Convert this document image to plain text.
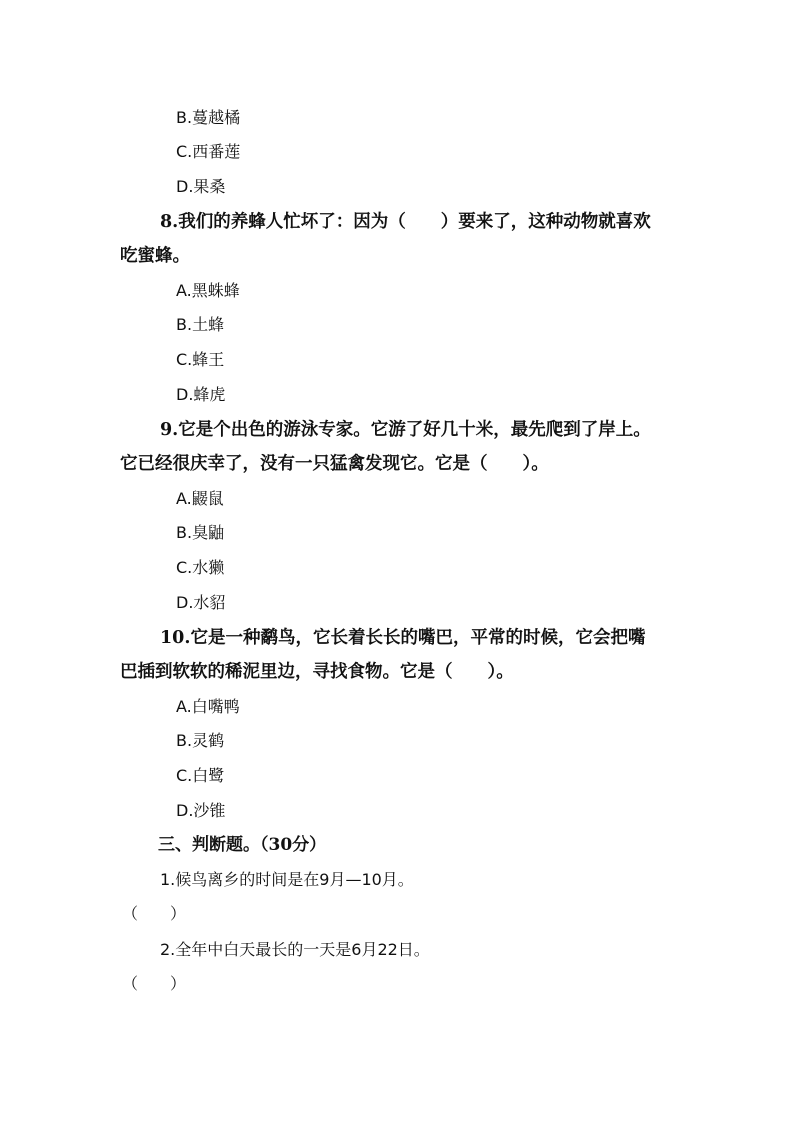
B.蔓越橘
C.西番莲
D.果桑
8.我们的养蜂人忙坏了：因为（　　）要来了，这种动物就喜欢
吃蜜蜂。
A.黑蛛蜂
B.土蜂
C.蜂王
D.蜂虎
9.它是个出色的游泳专家。它游了好几十米，最先爬到了岸上。
它已经很庆幸了，没有一只猛禽发现它。它是（　　）。
A.鼹鼠
B.臭鼬
C.水獭
D.水貂
10.它是一种鹬鸟，它长着长长的嘴巴，平常的时候，它会把嘴
巴插到软软的稀泥里边，寻找食物。它是（　　）。
A.白嘴鸭
B.灵鹤
C.白鹭
D.沙锥
三、判断题。（30分）
1.候鸟离乡的时间是在9月—10月。
（　　）
2.全年中白天最长的一天是6月22日。
（　　）
